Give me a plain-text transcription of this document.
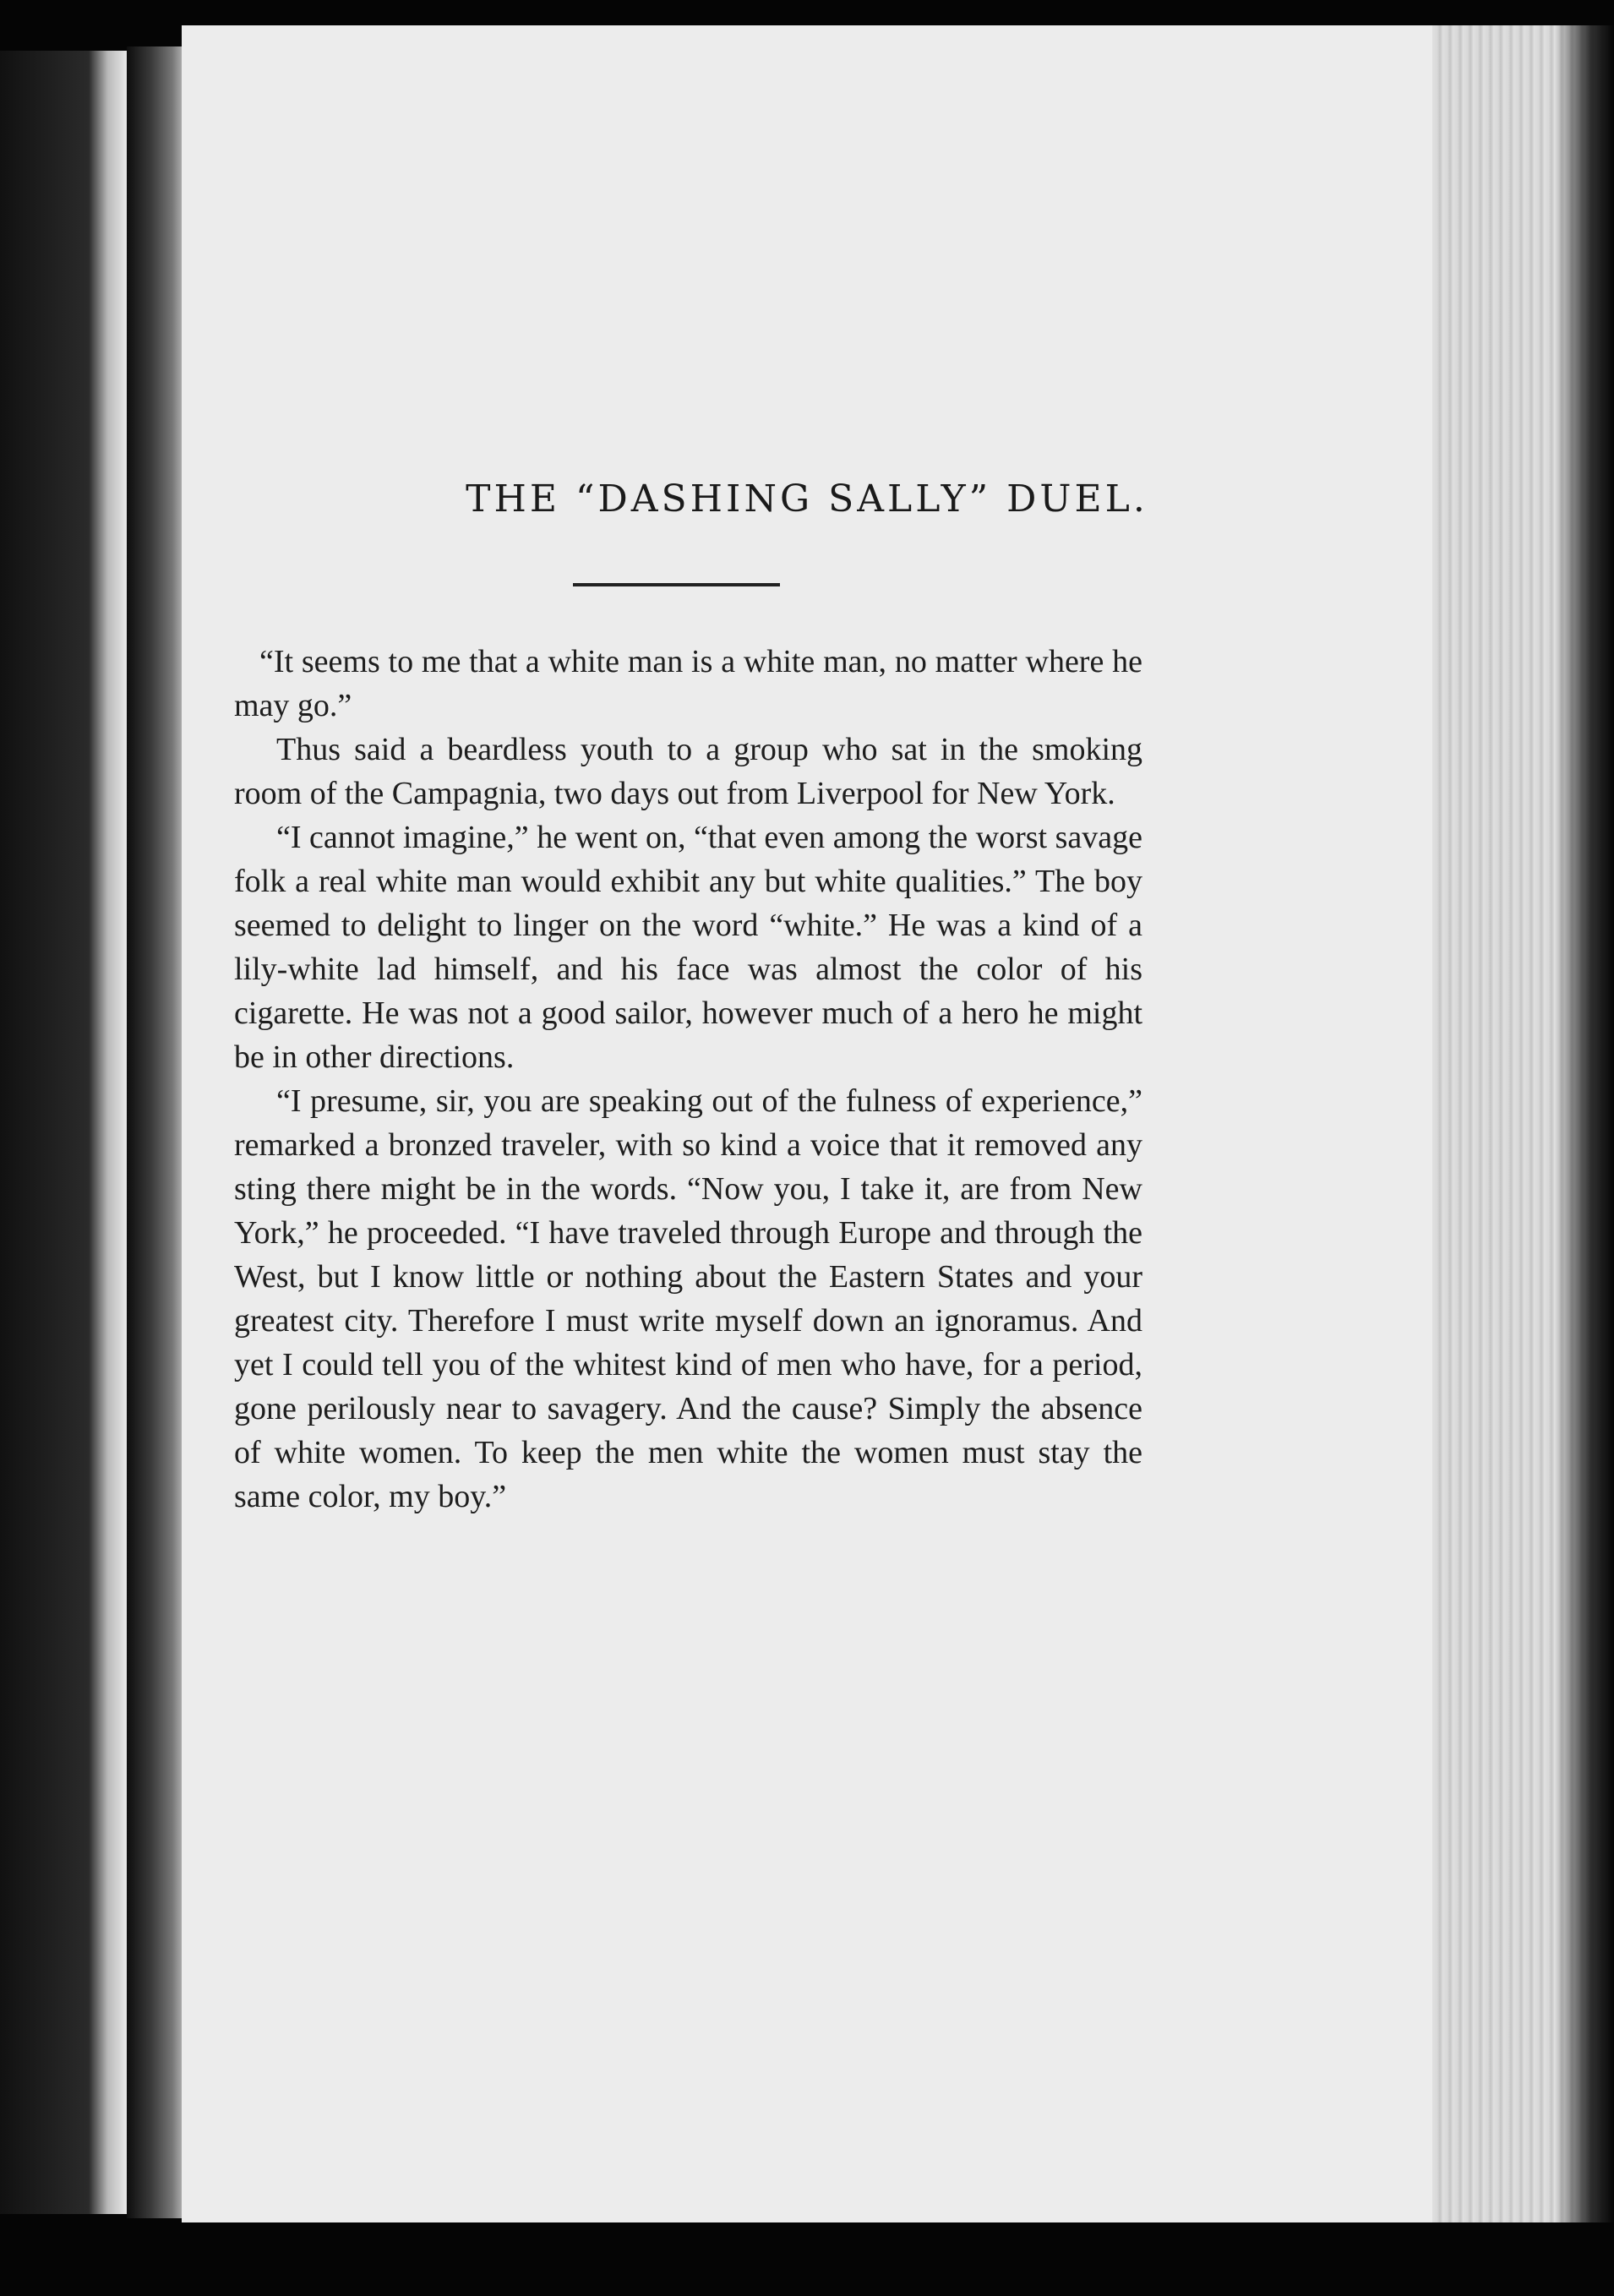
THE “DASHING SALLY” DUEL.

“It seems to me that a white man is a white man, no matter where he may go.”

Thus said a beardless youth to a group who sat in the smoking room of the Campagnia, two days out from Liverpool for New York.

“I cannot imagine,” he went on, “that even among the worst savage folk a real white man would exhibit any but white qualities.” The boy seemed to delight to linger on the word “white.” He was a kind of a lily-white lad himself, and his face was almost the color of his cigarette. He was not a good sailor, however much of a hero he might be in other directions.

“I presume, sir, you are speaking out of the fulness of experience,” remarked a bronzed traveler, with so kind a voice that it removed any sting there might be in the words. “Now you, I take it, are from New York,” he proceeded. “I have traveled through Europe and through the West, but I know little or nothing about the Eastern States and your greatest city. Therefore I must write myself down an ignoramus. And yet I could tell you of the whitest kind of men who have, for a period, gone perilously near to savagery. And the cause? Simply the absence of white women. To keep the men white the women must stay the same color, my boy.”
